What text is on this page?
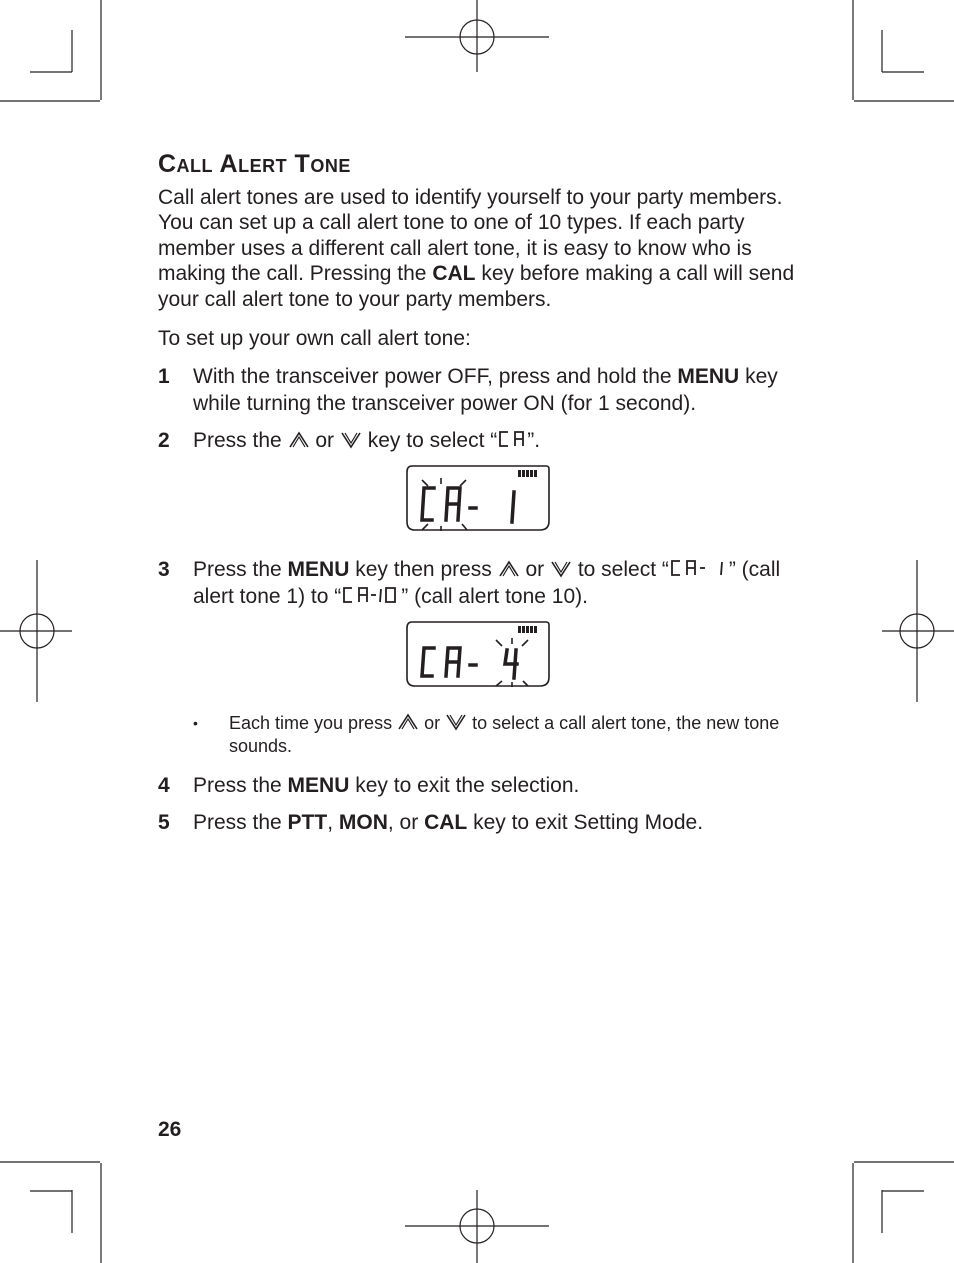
Call Alert Tone

Call alert tones are used to identify yourself to your party members. You can set up a call alert tone to one of 10 types. If each party member uses a different call alert tone, it is easy to know who is making the call. Pressing the CAL key before making a call will send your call alert tone to your party members.

To set up your own call alert tone:

1	With the transceiver power OFF, press and hold the MENU key while turning the transceiver power ON (for 1 second).
2	Press the  or  key to select “ ”.
3	Press the MENU key then press  or  to select “	” (call alert tone 1) to “	” (call alert tone 10).
•	Each time you press  or  to select a call alert tone, the new tone sounds.
4	Press the MENU key to exit the selection.
5	Press the PTT, MON, or CAL key to exit Setting Mode.
26
